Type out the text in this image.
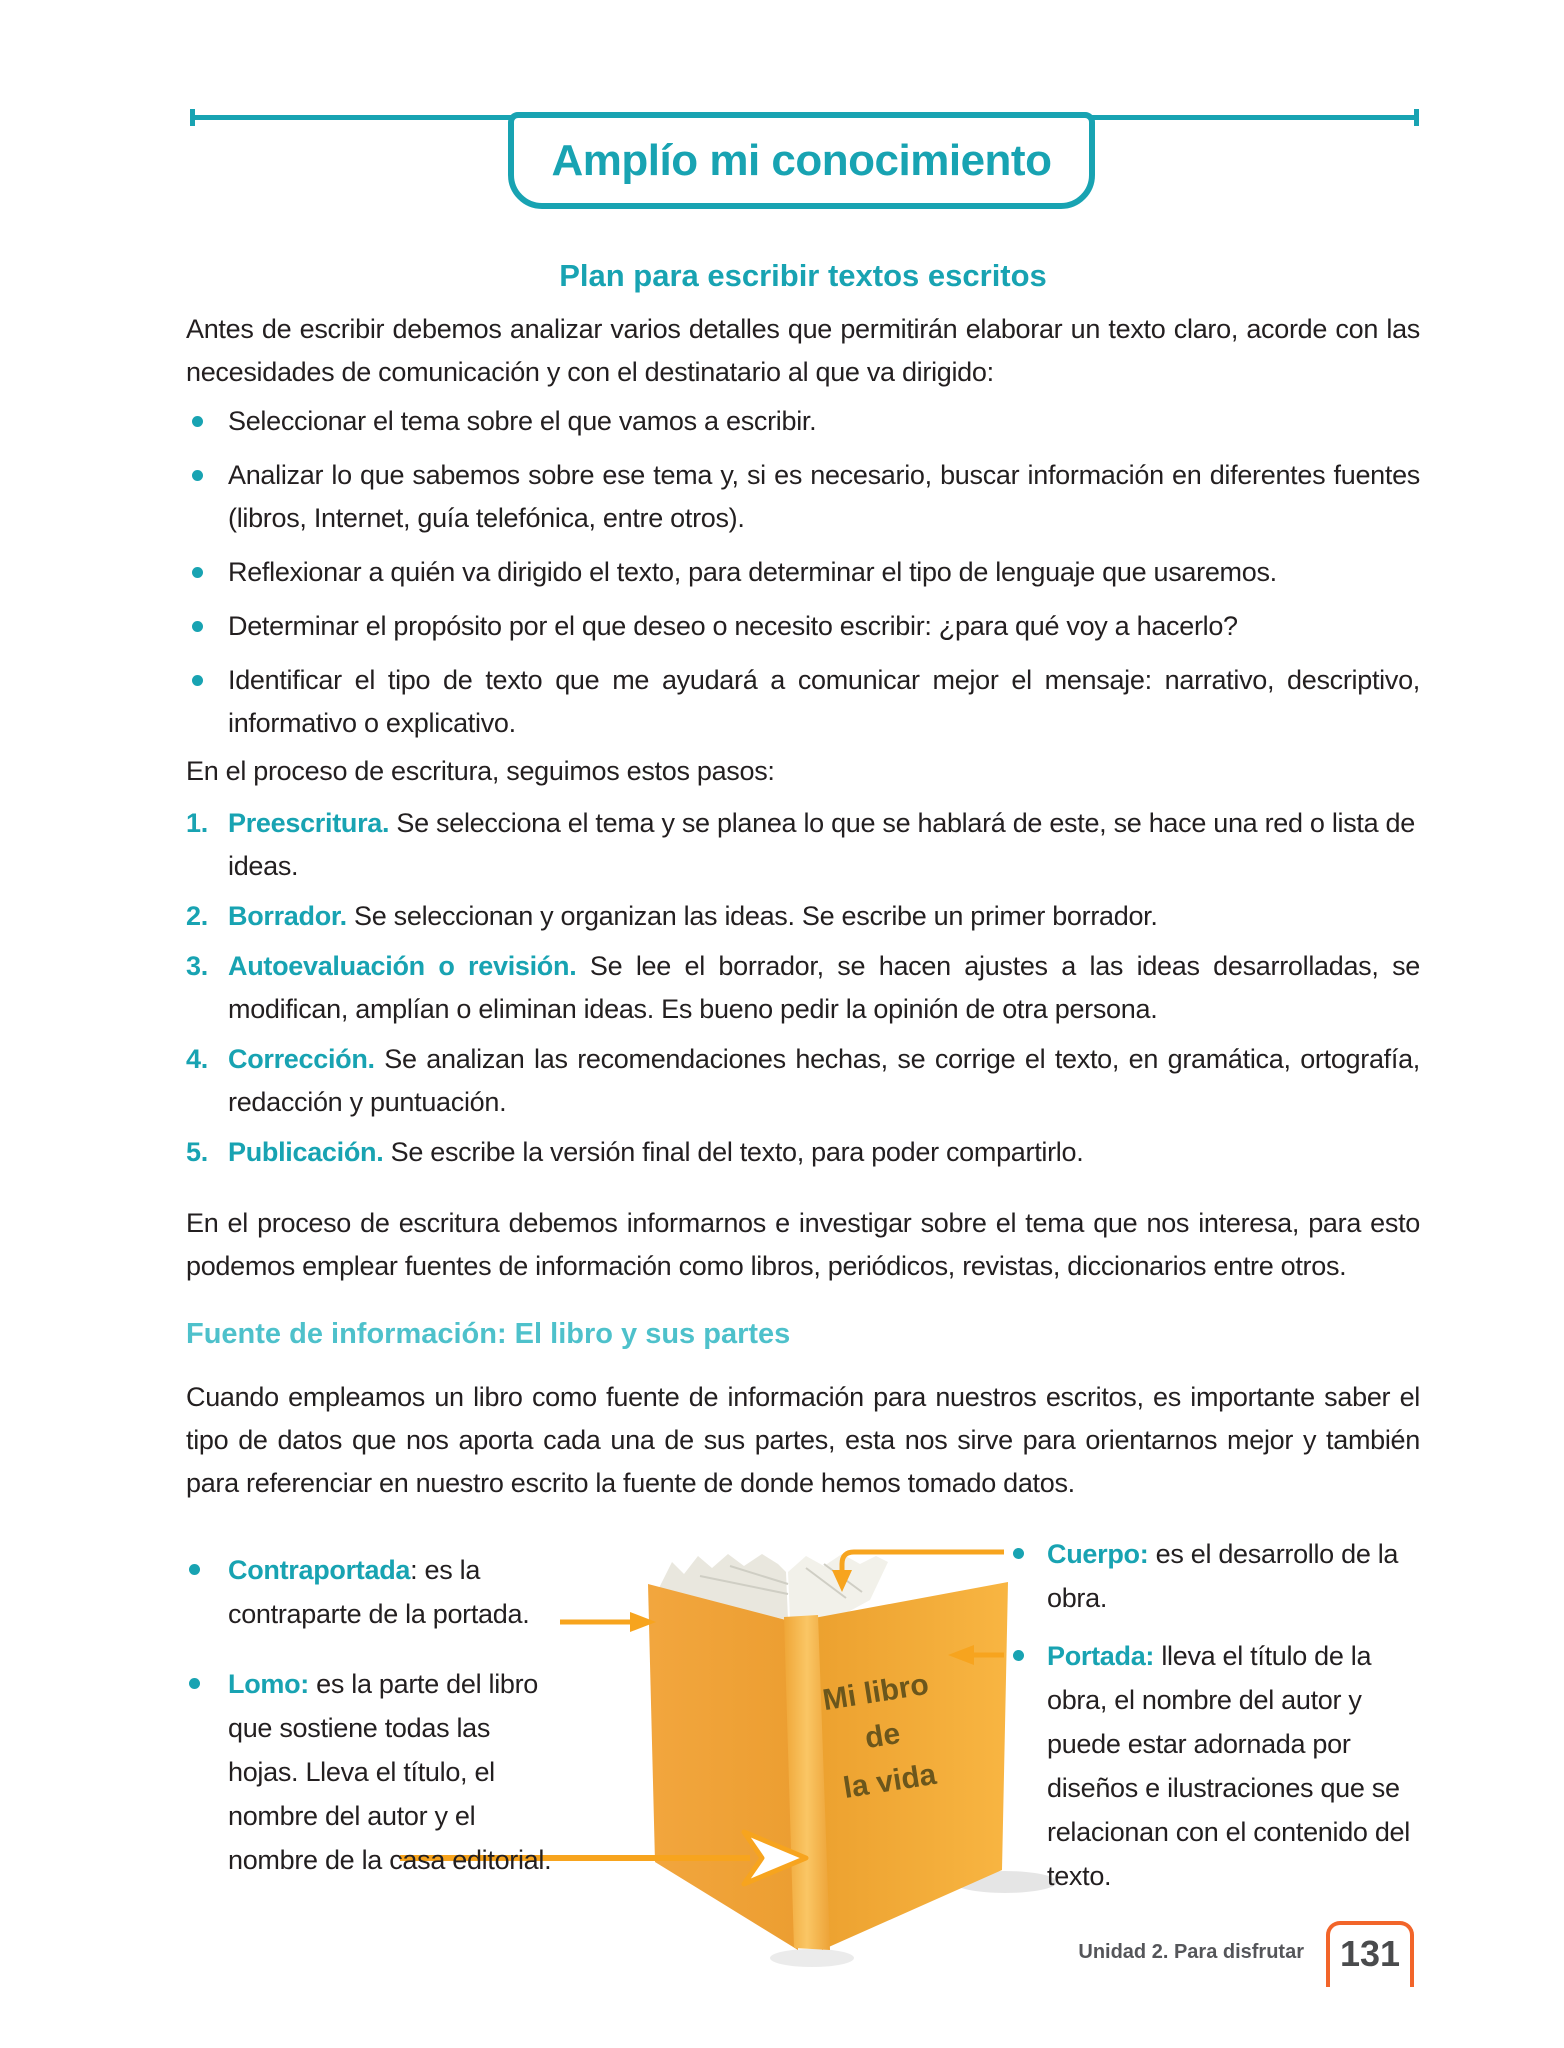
Amplío mi conocimiento
Plan para escribir textos escritos

Antes de escribir debemos analizar varios detalles que permitirán elaborar un texto claro, acorde con las necesidades de comunicación y con el destinatario al que va dirigido:

Seleccionar el tema sobre el que vamos a escribir.
Analizar lo que sabemos sobre ese tema y, si es necesario, buscar información en diferentes fuentes (libros, Internet, guía telefónica, entre otros).
Reflexionar a quién va dirigido el texto, para determinar el tipo de lenguaje que usaremos.
Determinar el propósito por el que deseo o necesito escribir: ¿para qué voy a hacerlo?
Identificar el tipo de texto que me ayudará a comunicar mejor el mensaje: narrativo, descriptivo, informativo o explicativo.

En el proceso de escritura, seguimos estos pasos:

1. Preescritura. Se selecciona el tema y se planea lo que se hablará de este, se hace una red o lista de ideas.
2. Borrador. Se seleccionan y organizan las ideas. Se escribe un primer borrador.
3. Autoevaluación o revisión. Se lee el borrador, se hacen ajustes a las ideas desarrolladas, se modifican, amplían o eliminan ideas. Es bueno pedir la opinión de otra persona.
4. Corrección. Se analizan las recomendaciones hechas, se corrige el texto, en gramática, ortografía, redacción y puntuación.
5. Publicación. Se escribe la versión final del texto, para poder compartirlo.

En el proceso de escritura debemos informarnos e investigar sobre el tema que nos interesa, para esto podemos emplear fuentes de información como libros, periódicos, revistas, diccionarios entre otros.

Fuente de información: El libro y sus partes

Cuando empleamos un libro como fuente de información para nuestros escritos, es importante saber el tipo de datos que nos aporta cada una de sus partes, esta nos sirve para orientarnos mejor y también para referenciar en nuestro escrito la fuente de donde hemos tomado datos.

Mi libro
de
la vida
Contraportada: es la contraparte de la portada.
Lomo: es la parte del libro que sostiene todas las hojas. Lleva el título, el nombre del autor y el nombre de la casa editorial.
Cuerpo: es el desarrollo de la obra.
Portada: lleva el título de la obra, el nombre del autor y puede estar adornada por diseños e ilustraciones que se relacionan con el contenido del texto.

Unidad 2. Para disfrutar 131
